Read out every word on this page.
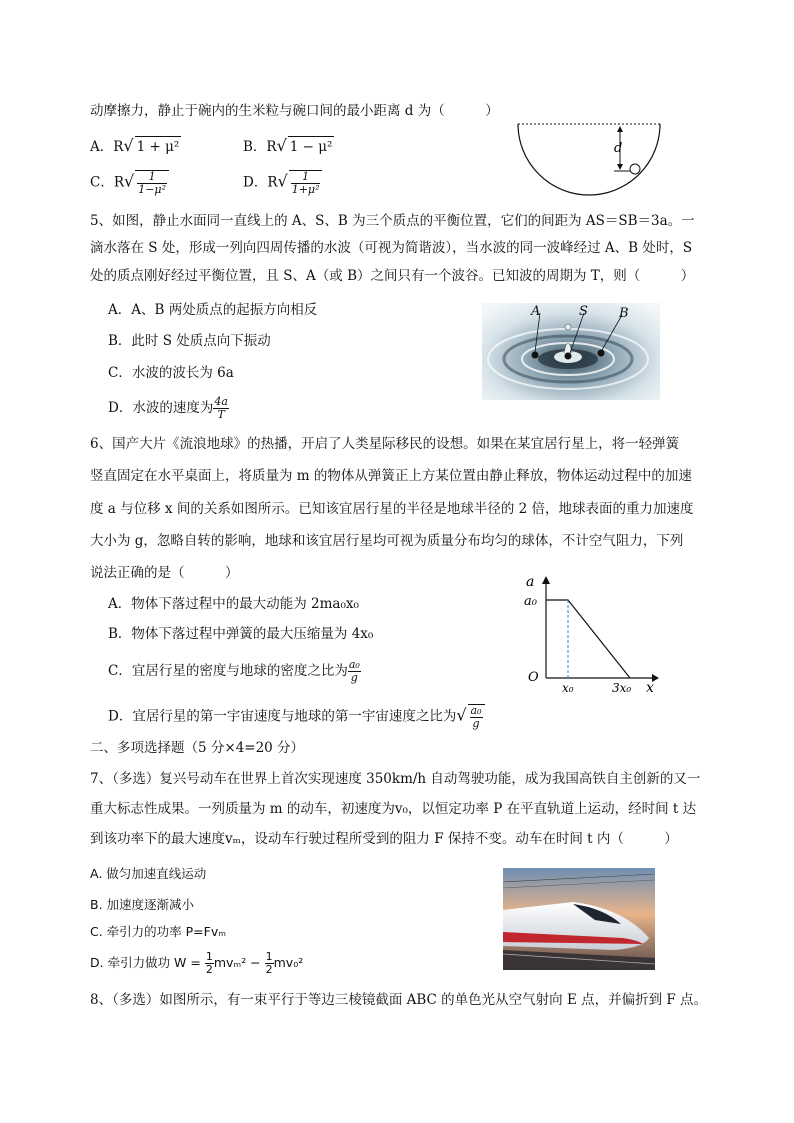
动摩擦力，静止于碗内的生米粒与碗口间的最小距离 d 为（　　　）
A．R√ 1 + μ²	B．R√ 1 − μ²
C．$R√ \frac{1}{\text{1−μ²}}$	D．$R√ \frac{1}{\text{1+μ²}}$
d
5、如图，静止水面同一直线上的 A、S、B 为三个质点的平衡位置，它们的间距为 AS＝SB＝3a。一
滴水落在 S 处，形成一列向四周传播的水波（可视为简谐波），当水波的同一波峰经过 A、B 处时，S
处的质点刚好经过平衡位置，且 S、A（或 B）之间只有一个波谷。已知波的周期为 T，则（　　　）
A．A、B 两处质点的起振方向相反
B．此时 S 处质点向下振动
C．水波的波长为 6a
D．水波的速度为 $\frac{4a}{T}$
A	S B
6、国产大片《流浪地球》的热播，开启了人类星际移民的设想。如果在某宜居行星上，将一轻弹簧
竖直固定在水平桌面上，将质量为 m 的物体从弹簧正上方某位置由静止释放，物体运动过程中的加速
度 a 与位移 x 间的关系如图所示。已知该宜居行星的半径是地球半径的 2 倍，地球表面的重力加速度
大小为 g，忽略自转的影响，地球和该宜居行星均可视为质量分布均匀的球体，不计空气阻力，下列
说法正确的是（　　　）
A．物体下落过程中的最大动能为 2ma₀x₀
B．物体下落过程中弹簧的最大压缩量为 4x₀
C．宜居行星的密度与地球的密度之比为 $\frac{\text{a₀}}{g}$
D．宜居行星的第一宇宙速度与地球的第一宇宙速度之比为√ $\frac{\text{a₀}}{g}$
a
x
O
a₀
x₀	3x₀
二、多项选择题（5 分×4=20 分）
7、（多选）复兴号动车在世界上首次实现速度 350km/h 自动驾驶功能，成为我国高铁自主创新的又一
重大标志性成果。一列质量为 m 的动车，初速度为v₀，以恒定功率 P 在平直轨道上运动，经时间 t 达
到该功率下的最大速度vₘ，设动车行驶过程所受到的阻力 F 保持不变。动车在时间 t 内（　　　）
A. 做匀加速直线运动
B. 加速度逐渐减小
C. 牵引力的功率 P=Fvₘ
D. 牵引力做功 $W = \frac{1}{2} mv_m^2 - \frac{1}{2} mv_0^2$
8、（多选）如图所示，有一束平行于等边三棱镜截面 ABC 的单色光从空气射向 E 点，并偏折到 F 点。
